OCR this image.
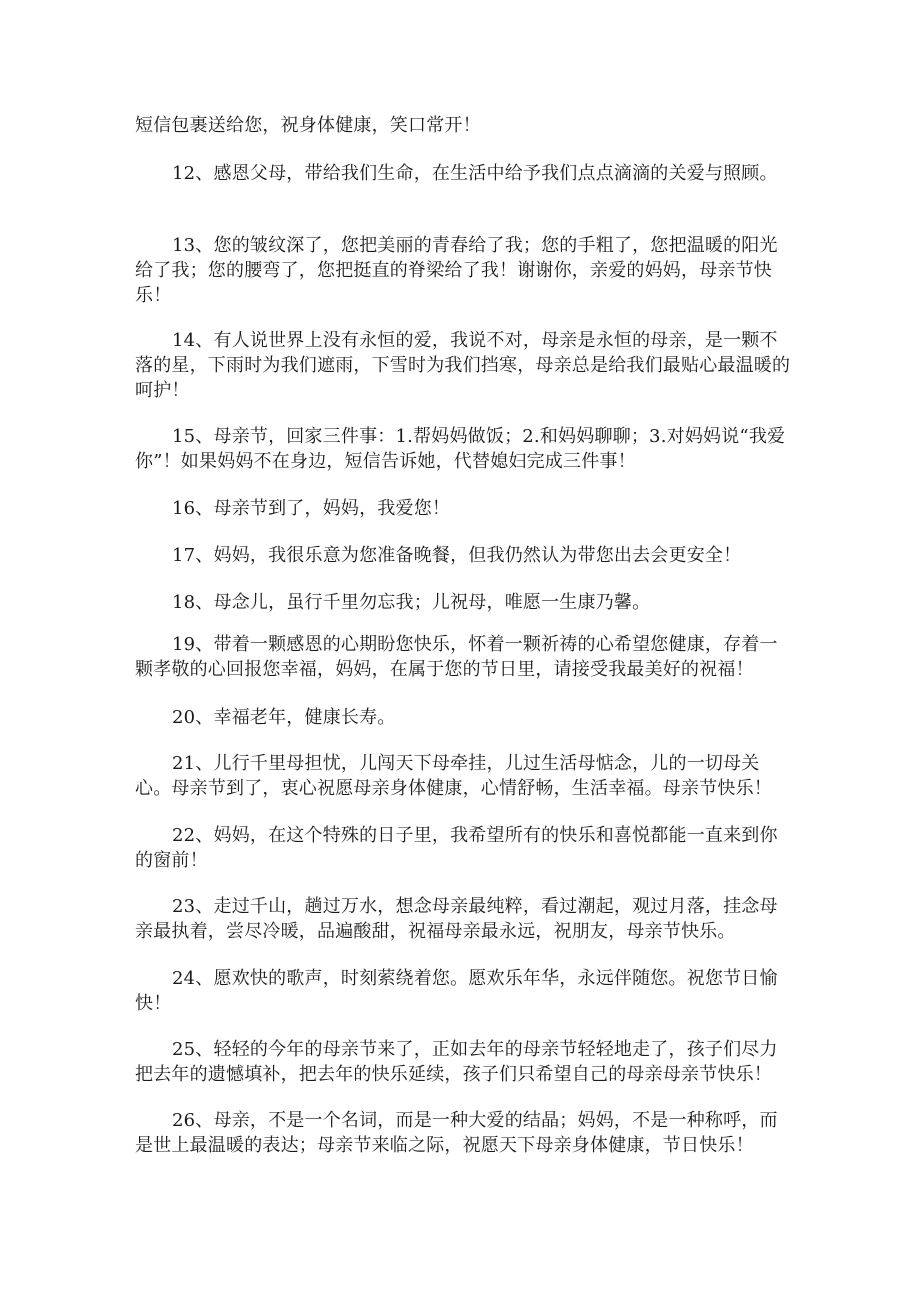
短信包裹送给您，祝身体健康，笑口常开！

12、感恩父母，带给我们生命，在生活中给予我们点点滴滴的关爱与照顾。

13、您的皱纹深了，您把美丽的青春给了我；您的手粗了，您把温暖的阳光给了我；您的腰弯了，您把挺直的脊梁给了我！谢谢你，亲爱的妈妈，母亲节快乐！

14、有人说世界上没有永恒的爱，我说不对，母亲是永恒的母亲，是一颗不落的星，下雨时为我们遮雨，下雪时为我们挡寒，母亲总是给我们最贴心最温暖的呵护！

15、母亲节，回家三件事：1.帮妈妈做饭；2.和妈妈聊聊；3.对妈妈说“我爱你”！如果妈妈不在身边，短信告诉她，代替媳妇完成三件事！

16、母亲节到了，妈妈，我爱您！

17、妈妈，我很乐意为您准备晚餐，但我仍然认为带您出去会更安全！

18、母念儿，虽行千里勿忘我；儿祝母，唯愿一生康乃馨。

19、带着一颗感恩的心期盼您快乐，怀着一颗祈祷的心希望您健康，存着一颗孝敬的心回报您幸福，妈妈，在属于您的节日里，请接受我最美好的祝福！

20、幸福老年，健康长寿。

21、儿行千里母担忧，儿闯天下母牵挂，儿过生活母惦念，儿的一切母关心。母亲节到了，衷心祝愿母亲身体健康，心情舒畅，生活幸福。母亲节快乐！

22、妈妈，在这个特殊的日子里，我希望所有的快乐和喜悦都能一直来到你的窗前！

23、走过千山，趟过万水，想念母亲最纯粹，看过潮起，观过月落，挂念母亲最执着，尝尽冷暖，品遍酸甜，祝福母亲最永远，祝朋友，母亲节快乐。

24、愿欢快的歌声，时刻萦绕着您。愿欢乐年华，永远伴随您。祝您节日愉快！

25、轻轻的今年的母亲节来了，正如去年的母亲节轻轻地走了，孩子们尽力把去年的遗憾填补，把去年的快乐延续，孩子们只希望自己的母亲母亲节快乐！

26、母亲，不是一个名词，而是一种大爱的结晶；妈妈，不是一种称呼，而是世上最温暖的表达；母亲节来临之际，祝愿天下母亲身体健康，节日快乐！
